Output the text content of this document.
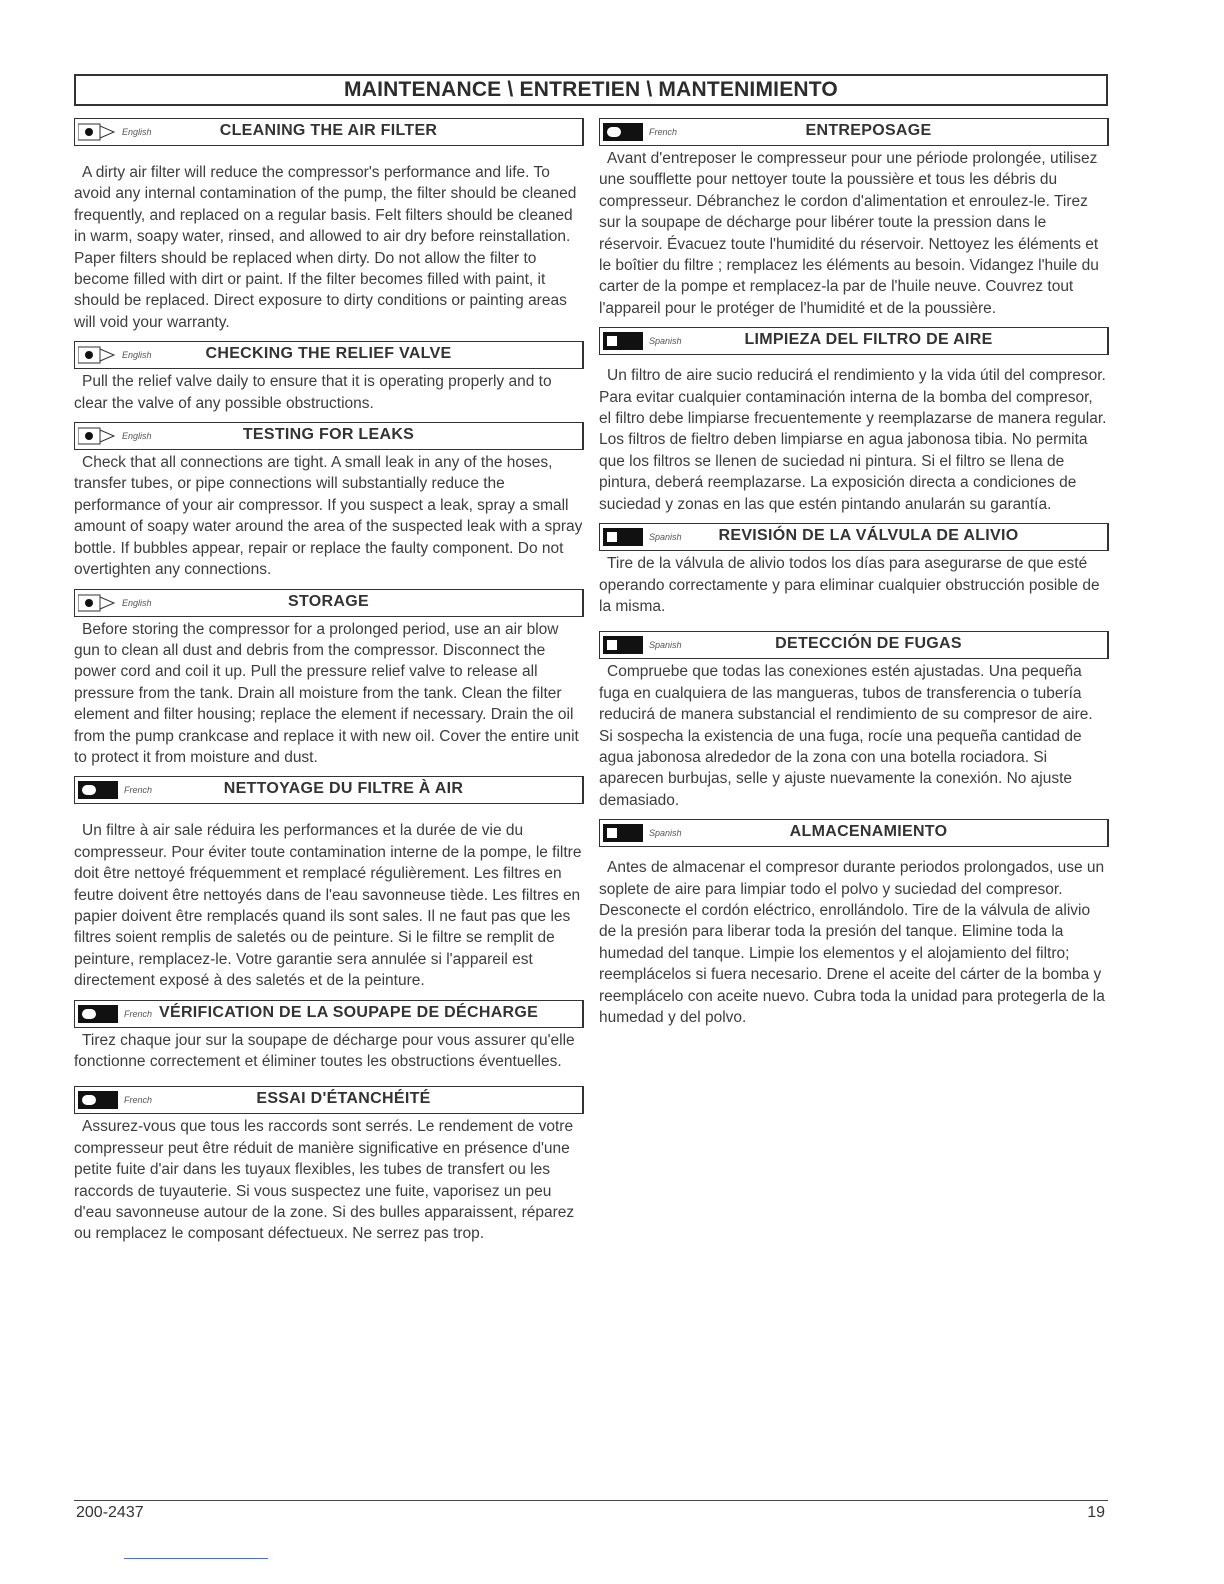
MAINTENANCE \ ENTRETIEN \ MANTENIMIENTO
English	CLEANING THE AIR FILTER

A dirty air filter will reduce the compressor's performance and life. To avoid any internal contamination of the pump, the filter should be cleaned frequently, and replaced on a regular basis. Felt filters should be cleaned in warm, soapy water, rinsed, and allowed to air dry before reinstallation. Paper filters should be replaced when dirty. Do not allow the filter to become filled with dirt or paint. If the filter becomes filled with paint, it should be replaced. Direct exposure to dirty conditions or painting areas will void your warranty.

English	CHECKING THE RELIEF VALVE

Pull the relief valve daily to ensure that it is operating properly and to clear the valve of any possible obstructions.

English	TESTING FOR LEAKS

Check that all connections are tight. A small leak in any of the hoses, transfer tubes, or pipe connections will substantially reduce the performance of your air compressor. If you suspect a leak, spray a small amount of soapy water around the area of the suspected leak with a spray bottle. If bubbles appear, repair or replace the faulty component. Do not overtighten any connections.

English	STORAGE

Before storing the compressor for a prolonged period, use an air blow gun to clean all dust and debris from the compressor. Disconnect the power cord and coil it up. Pull the pressure relief valve to release all pressure from the tank. Drain all moisture from the tank. Clean the filter element and filter housing; replace the element if necessary. Drain the oil from the pump crankcase and replace it with new oil. Cover the entire unit to protect it from moisture and dust.

French	NETTOYAGE DU FILTRE À AIR

Un filtre à air sale réduira les performances et la durée de vie du compresseur. Pour éviter toute contamination interne de la pompe, le filtre doit être nettoyé fréquemment et remplacé régulièrement. Les filtres en feutre doivent être nettoyés dans de l'eau savonneuse tiède. Les filtres en papier doivent être remplacés quand ils sont sales. Il ne faut pas que les filtres soient remplis de saletés ou de peinture. Si le filtre se remplit de peinture, remplacez-le. Votre garantie sera annulée si l'appareil est directement exposé à des saletés et de la peinture.

French VÉRIFICATION DE LA SOUPAPE DE DÉCHARGE

Tirez chaque jour sur la soupape de décharge pour vous assurer qu'elle fonctionne correctement et éliminer toutes les obstructions éventuelles.

French	ESSAI D'ÉTANCHÉITÉ

Assurez-vous que tous les raccords sont serrés. Le rendement de votre compresseur peut être réduit de manière significative en présence d'une petite fuite d'air dans les tuyaux flexibles, les tubes de transfert ou les raccords de tuyauterie. Si vous suspectez une fuite, vaporisez un peu d'eau savonneuse autour de la zone. Si des bulles apparaissent, réparez ou remplacez le composant défectueux. Ne serrez pas trop.

French	ENTREPOSAGE

Avant d'entreposer le compresseur pour une période prolongée, utilisez une soufflette pour nettoyer toute la poussière et tous les débris du compresseur. Débranchez le cordon d'alimentation et enroulez-le. Tirez sur la soupape de décharge pour libérer toute la pression dans le réservoir. Évacuez toute l'humidité du réservoir. Nettoyez les éléments et le boîtier du filtre ; remplacez les éléments au besoin. Vidangez l'huile du carter de la pompe et remplacez-la par de l'huile neuve. Couvrez tout l'appareil pour le protéger de l'humidité et de la poussière.

Spanish	LIMPIEZA DEL FILTRO DE AIRE

Un filtro de aire sucio reducirá el rendimiento y la vida útil del compresor. Para evitar cualquier contaminación interna de la bomba del compresor, el filtro debe limpiarse frecuentemente y reemplazarse de manera regular. Los filtros de fieltro deben limpiarse en agua jabonosa tibia. No permita que los filtros se llenen de suciedad ni pintura. Si el filtro se llena de pintura, deberá reemplazarse. La exposición directa a condiciones de suciedad y zonas en las que estén pintando anularán su garantía.

Spanish	REVISIÓN DE LA VÁLVULA DE ALIVIO

Tire de la válvula de alivio todos los días para asegurarse de que esté operando correctamente y para eliminar cualquier obstrucción posible de la misma.

Spanish	DETECCIÓN DE FUGAS

Compruebe que todas las conexiones estén ajustadas. Una pequeña fuga en cualquiera de las mangueras, tubos de transferencia o tubería reducirá de manera substancial el rendimiento de su compresor de aire. Si sospecha la existencia de una fuga, rocíe una pequeña cantidad de agua jabonosa alrededor de la zona con una botella rociadora. Si aparecen burbujas, selle y ajuste nuevamente la conexión. No ajuste demasiado.

Spanish	ALMACENAMIENTO

Antes de almacenar el compresor durante periodos prolongados, use un soplete de aire para limpiar todo el polvo y suciedad del compresor. Desconecte el cordón eléctrico, enrollándolo. Tire de la válvula de alivio de la presión para liberar toda la presión del tanque. Elimine toda la humedad del tanque. Limpie los elementos y el alojamiento del filtro; reemplácelos si fuera necesario. Drene el aceite del cárter de la bomba y reemplácelo con aceite nuevo. Cubra toda la unidad para protegerla de la humedad y del polvo.

200-2437	19
